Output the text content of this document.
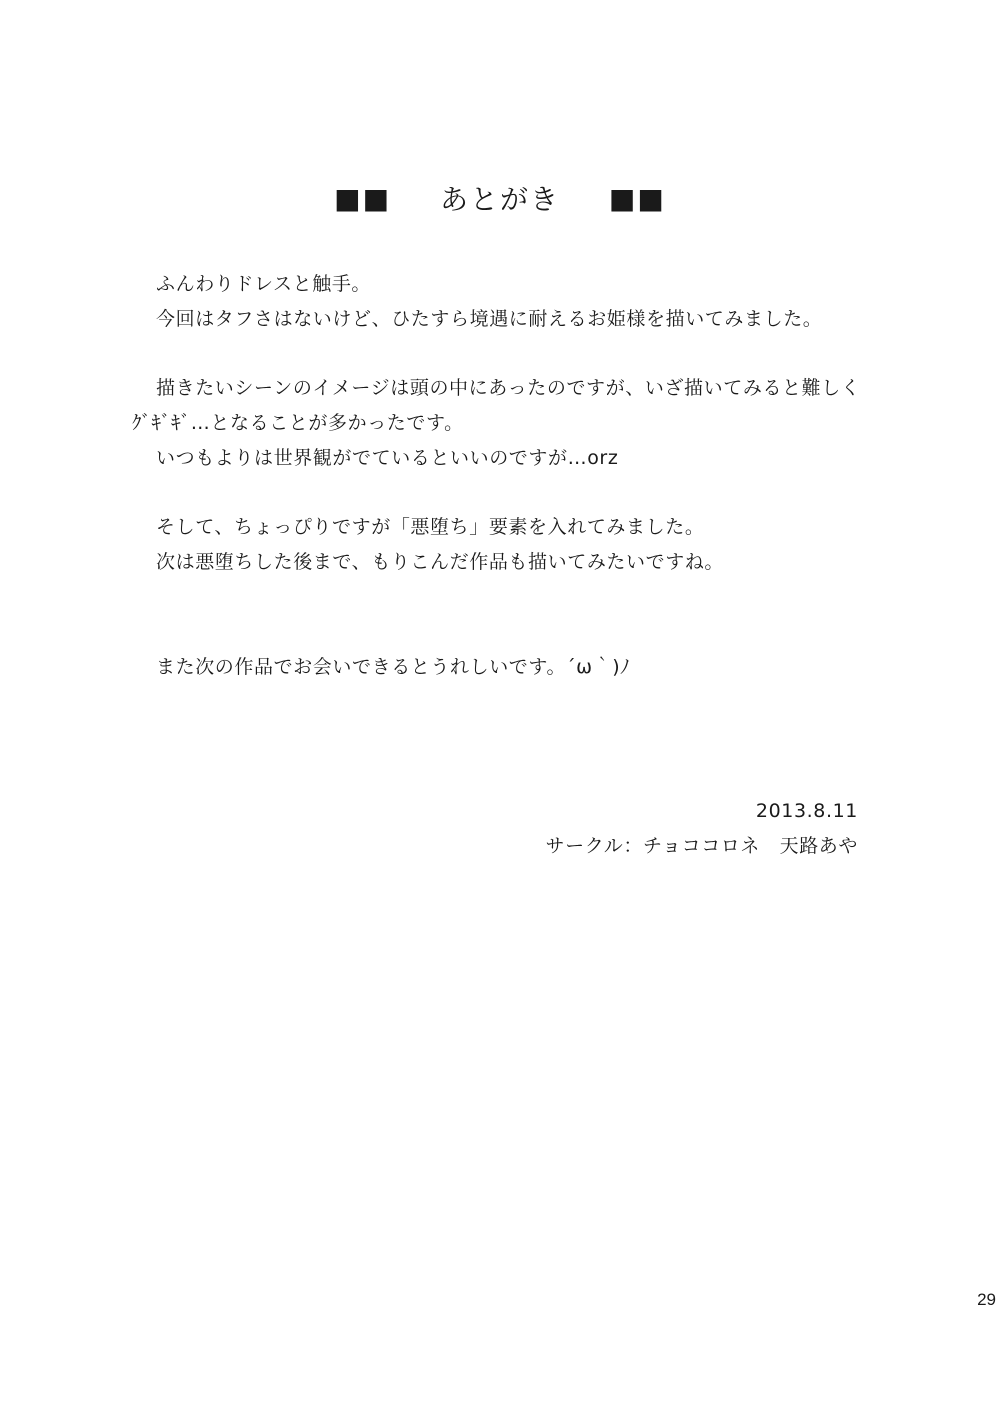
■■ あとがき ■■
ふんわりドレスと触手。
今回はタフさはないけど、ひたすら境遇に耐えるお姫様を描いてみました。
描きたいシーンのイメージは頭の中にあったのですが、いざ描いてみると難しく
ｸﾞｷﾞｷﾞ…となることが多かったです。
いつもよりは世界観がでているといいのですが…orz
そして、ちょっぴりですが「悪堕ち」要素を入れてみました。
次は悪堕ちした後まで、もりこんだ作品も描いてみたいですね。
また次の作品でお会いできるとうれしいです。´ω｀)ﾉ
2013.8.11
サークル：チョココロネ　天路あや
29
